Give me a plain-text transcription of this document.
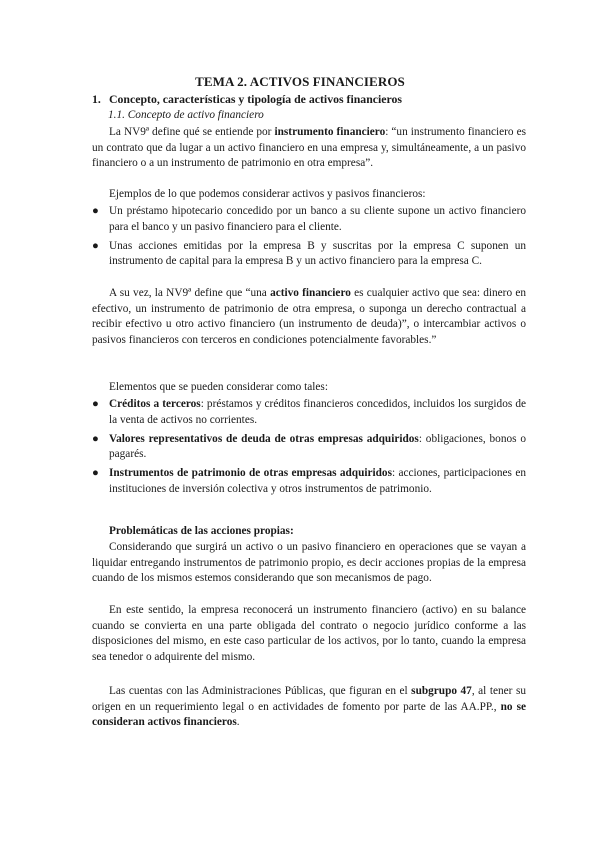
TEMA 2. ACTIVOS FINANCIEROS
1. Concepto, características y tipología de activos financieros
1.1. Concepto de activo financiero

La NV9ª define qué se entiende por instrumento financiero: “un instrumento financiero es un contrato que da lugar a un activo financiero en una empresa y, simultáneamente, a un pasivo financiero o a un instrumento de patrimonio en otra empresa”.

Ejemplos de lo que podemos considerar activos y pasivos financieros:
● Un préstamo hipotecario concedido por un banco a su cliente supone un activo financiero para el banco y un pasivo financiero para el cliente.
● Unas acciones emitidas por la empresa B y suscritas por la empresa C suponen un instrumento de capital para la empresa B y un activo financiero para la empresa C.

A su vez, la NV9ª define que “una activo financiero es cualquier activo que sea: dinero en efectivo, un instrumento de patrimonio de otra empresa, o suponga un derecho contractual a recibir efectivo u otro activo financiero (un instrumento de deuda)”, o intercambiar activos o pasivos financieros con terceros en condiciones potencialmente favorables.”

Elementos que se pueden considerar como tales:
● Créditos a terceros: préstamos y créditos financieros concedidos, incluidos los surgidos de la venta de activos no corrientes.
● Valores representativos de deuda de otras empresas adquiridos: obligaciones, bonos o pagarés.
● Instrumentos de patrimonio de otras empresas adquiridos: acciones, participaciones en instituciones de inversión colectiva y otros instrumentos de patrimonio.
Problemáticas de las acciones propias:

Considerando que surgirá un activo o un pasivo financiero en operaciones que se vayan a liquidar entregando instrumentos de patrimonio propio, es decir acciones propias de la empresa cuando de los mismos estemos considerando que son mecanismos de pago.

En este sentido, la empresa reconocerá un instrumento financiero (activo) en su balance cuando se convierta en una parte obligada del contrato o negocio jurídico conforme a las disposiciones del mismo, en este caso particular de los activos, por lo tanto, cuando la empresa sea tenedor o adquirente del mismo.

Las cuentas con las Administraciones Públicas, que figuran en el subgrupo 47, al tener su origen en un requerimiento legal o en actividades de fomento por parte de las AA.PP., no se consideran activos financieros.
